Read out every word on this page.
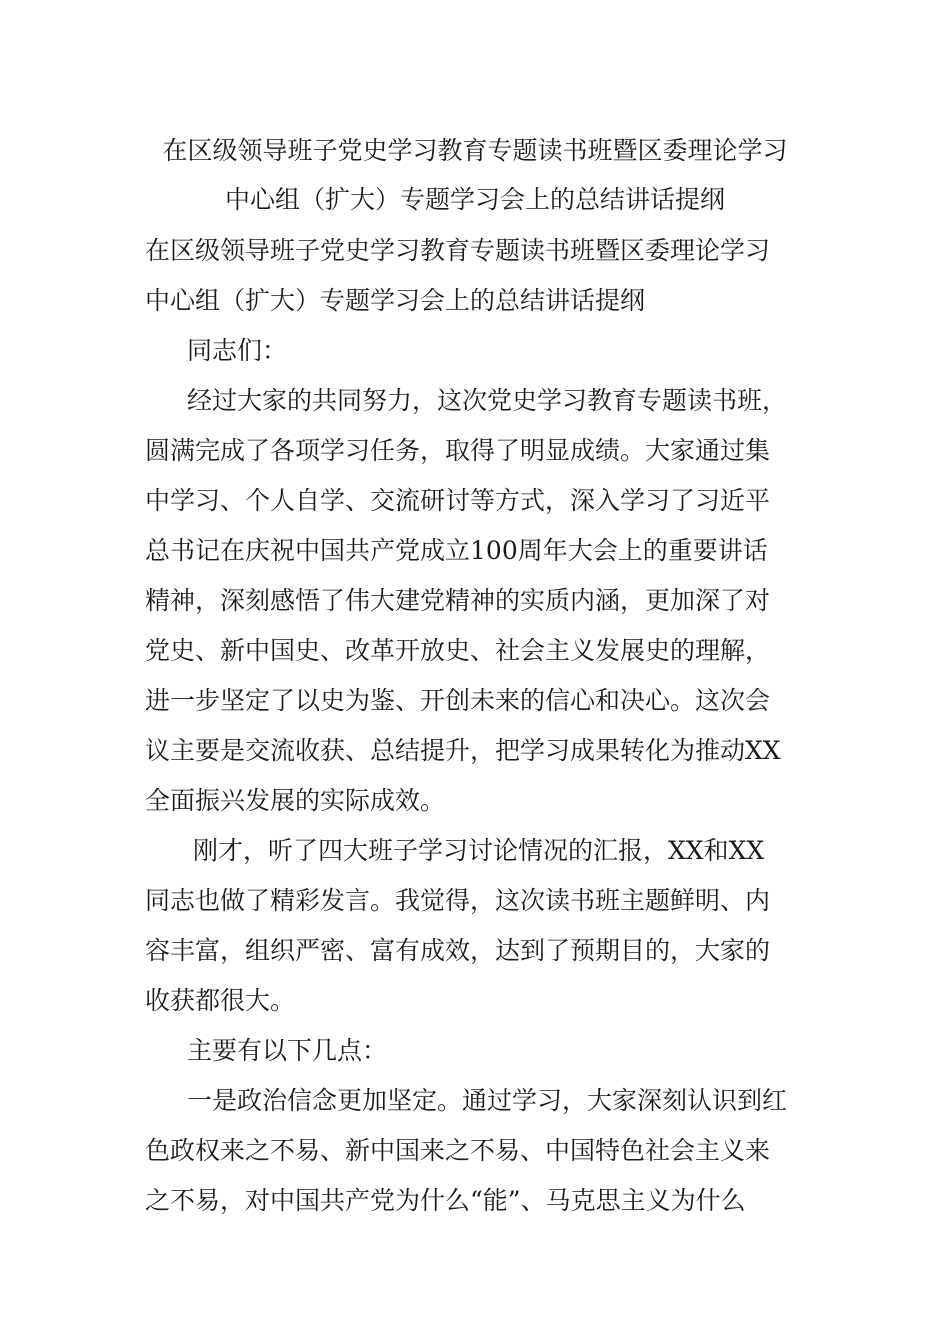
在区级领导班子党史学习教育专题读书班暨区委理论学习
中心组（扩大）专题学习会上的总结讲话提纲
在区级领导班子党史学习教育专题读书班暨区委理论学习
中心组（扩大）专题学习会上的总结讲话提纲
同志们：
经过大家的共同努力，这次党史学习教育专题读书班，
圆满完成了各项学习任务，取得了明显成绩。大家通过集
中学习、个人自学、交流研讨等方式，深入学习了习近平
总书记在庆祝中国共产党成立100周年大会上的重要讲话
精神，深刻感悟了伟大建党精神的实质内涵，更加深了对
党史、新中国史、改革开放史、社会主义发展史的理解，
进一步坚定了以史为鉴、开创未来的信心和决心。这次会
议主要是交流收获、总结提升，把学习成果转化为推动XX
全面振兴发展的实际成效。
刚才，听了四大班子学习讨论情况的汇报，XX和XX
同志也做了精彩发言。我觉得，这次读书班主题鲜明、内
容丰富，组织严密、富有成效，达到了预期目的，大家的
收获都很大。
主要有以下几点：
一是政治信念更加坚定。通过学习，大家深刻认识到红
色政权来之不易、新中国来之不易、中国特色社会主义来
之不易，对中国共产党为什么“能”、马克思主义为什么
